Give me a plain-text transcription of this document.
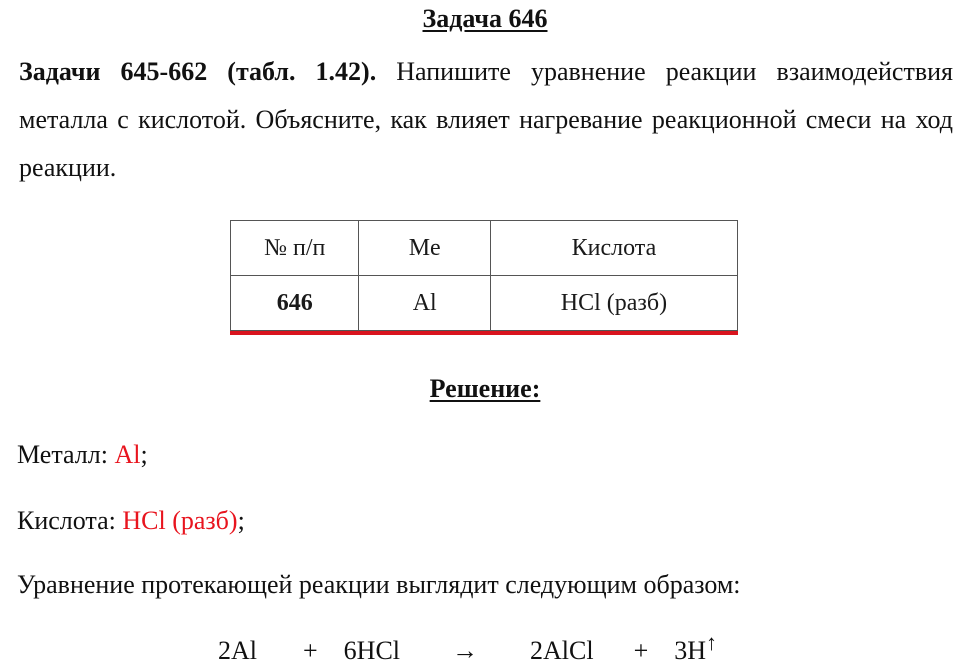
Задача 646
Задачи 645-662 (табл. 1.42). Напишите уравнение реакции взаимодействия металла с кислотой. Объясните, как влияет нагревание реакционной смеси на ход реакции.
№ п/п	Me	Кислота
646	Al	HCl (разб)
Решение:
Металл: Al;
Кислота: HCl (разб);
Уравнение протекающей реакции выглядит следующим образом:
2Al + 6HCl → 2AlCl + 3H ↑
